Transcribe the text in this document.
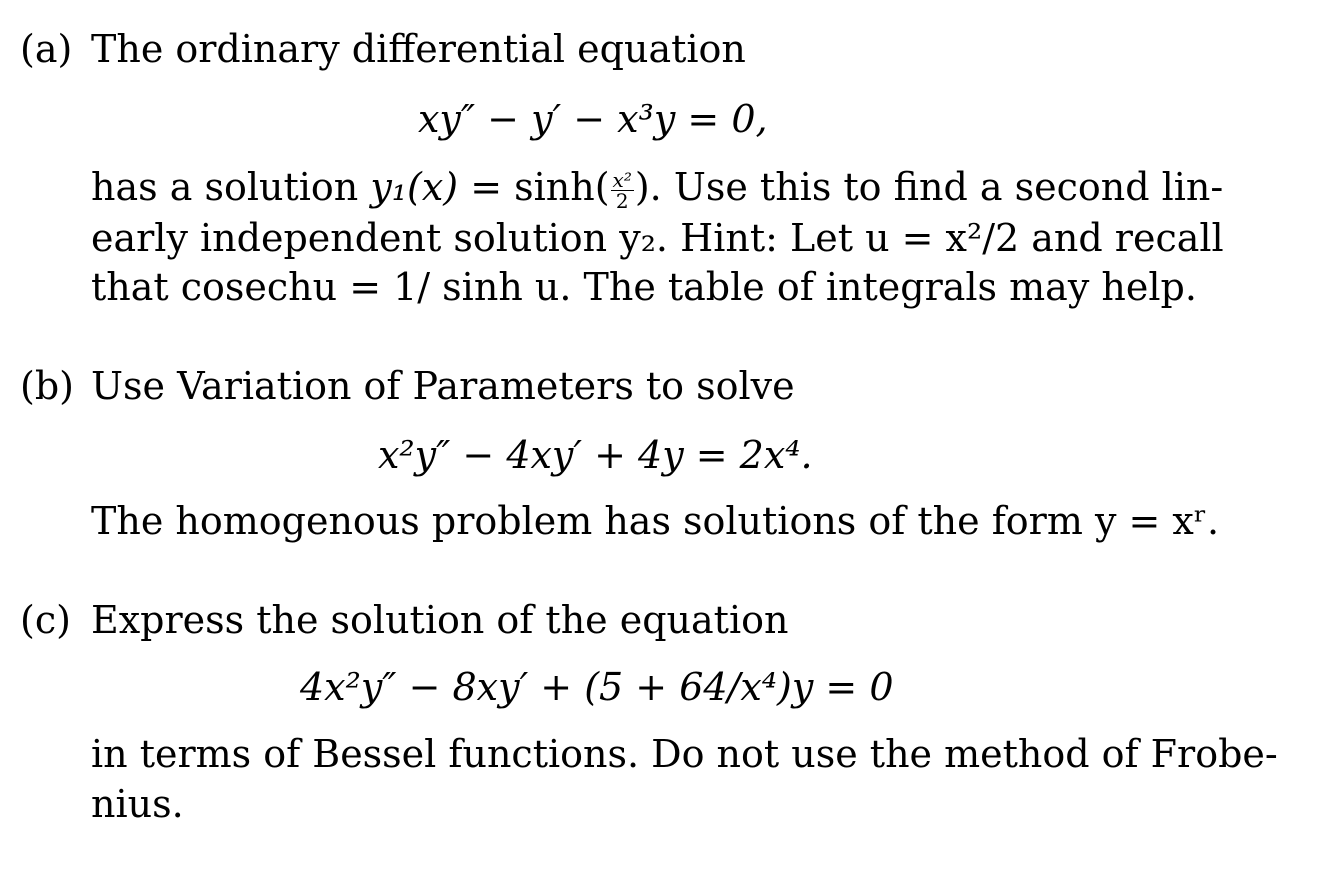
(a) The ordinary differential equation
xy″ − y′ − x³y = 0,
has a solution $y_1(x) = \sinh( \frac{\text{x²}}{2}$ ). Use this to find a second lin-
early independent solution y₂. Hint: Let u = x²/2 and recall
that cosechu = 1/ sinh u. The table of integrals may help.
(b) Use Variation of Parameters to solve
x²y″ − 4xy′ + 4y = 2x⁴.
The homogenous problem has solutions of the form y = xʳ.
(c) Express the solution of the equation
4x²y″ − 8xy′ + (5 + 64/x⁴)y = 0
in terms of Bessel functions. Do not use the method of Frobe-
nius.
